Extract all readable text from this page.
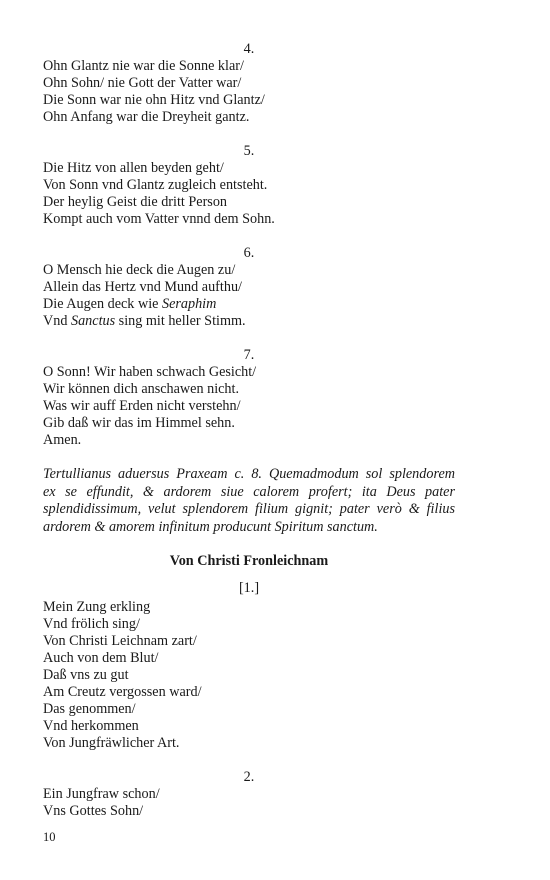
4.
Ohn Glantz nie war die Sonne klar/
Ohn Sohn/ nie Gott der Vatter war/
Die Sonn war nie ohn Hitz vnd Glantz/
Ohn Anfang war die Dreyheit gantz.
5.
Die Hitz von allen beyden geht/
Von Sonn vnd Glantz zugleich entsteht.
Der heylig Geist die dritt Person
Kompt auch vom Vatter vnnd dem Sohn.
6.
O Mensch hie deck die Augen zu/
Allein das Hertz vnd Mund aufthu/
Die Augen deck wie Seraphim
Vnd Sanctus sing mit heller Stimm.
7.
O Sonn! Wir haben schwach Gesicht/
Wir können dich anschawen nicht.
Was wir auff Erden nicht verstehn/
Gib daß wir das im Himmel sehn.
Amen.
Tertullianus aduersus Praxeam c. 8. Quemadmodum sol splendorem
ex se effundit, & ardorem siue calorem profert; ita Deus pater
splendidissimum, velut splendorem filium gignit; pater verò & filius
ardorem & amorem infinitum producunt Spiritum sanctum.
Von Christi Fronleichnam
[1.]
Mein Zung erkling
Vnd frölich sing/
Von Christi Leichnam zart/
Auch von dem Blut/
Daß vns zu gut
Am Creutz vergossen ward/
Das genommen/
Vnd herkommen
Von Jungfräwlicher Art.
2.
Ein Jungfraw schon/
Vns Gottes Sohn/
10
